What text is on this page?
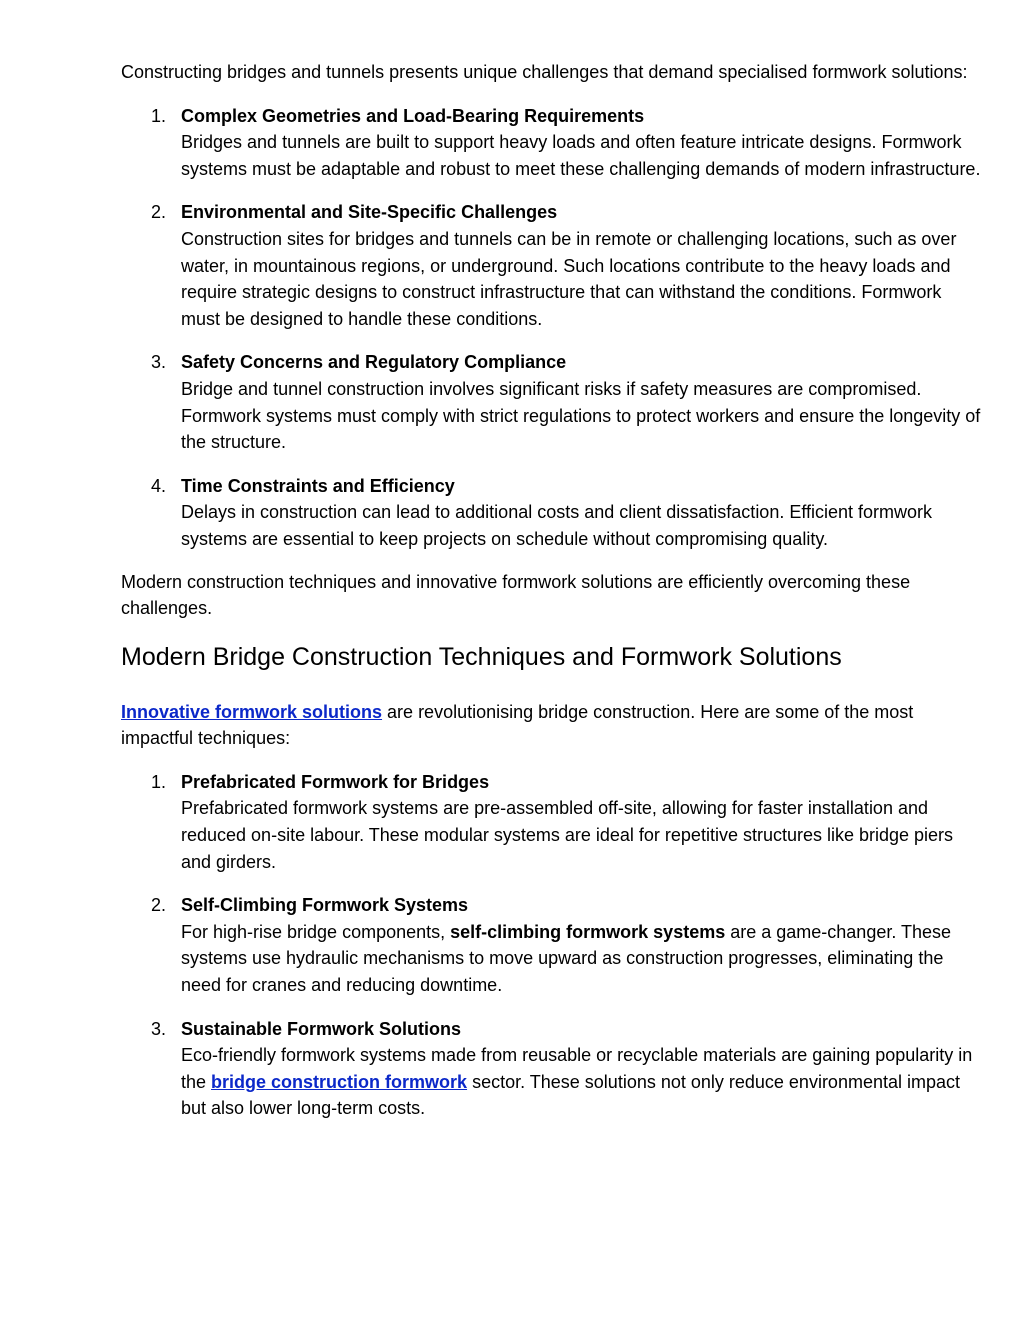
Constructing bridges and tunnels presents unique challenges that demand specialised formwork solutions:

1. Complex Geometries and Load-Bearing Requirements
Bridges and tunnels are built to support heavy loads and often feature intricate designs. Formwork systems must be adaptable and robust to meet these challenging demands of modern infrastructure.
2. Environmental and Site-Specific Challenges
Construction sites for bridges and tunnels can be in remote or challenging locations, such as over water, in mountainous regions, or underground. Such locations contribute to the heavy loads and require strategic designs to construct infrastructure that can withstand the conditions. Formwork must be designed to handle these conditions.
3. Safety Concerns and Regulatory Compliance
Bridge and tunnel construction involves significant risks if safety measures are compromised. Formwork systems must comply with strict regulations to protect workers and ensure the longevity of the structure.
4. Time Constraints and Efficiency
Delays in construction can lead to additional costs and client dissatisfaction. Efficient formwork systems are essential to keep projects on schedule without compromising quality.

Modern construction techniques and innovative formwork solutions are efficiently overcoming these challenges.

Modern Bridge Construction Techniques and Formwork Solutions

Innovative formwork solutions are revolutionising bridge construction. Here are some of the most impactful techniques:

1. Prefabricated Formwork for Bridges
Prefabricated formwork systems are pre-assembled off-site, allowing for faster installation and reduced on-site labour. These modular systems are ideal for repetitive structures like bridge piers and girders.
2. Self-Climbing Formwork Systems
For high-rise bridge components, self-climbing formwork systems are a game-changer. These systems use hydraulic mechanisms to move upward as construction progresses, eliminating the need for cranes and reducing downtime.
3. Sustainable Formwork Solutions
Eco-friendly formwork systems made from reusable or recyclable materials are gaining popularity in the bridge construction formwork sector. These solutions not only reduce environmental impact but also lower long-term costs.
